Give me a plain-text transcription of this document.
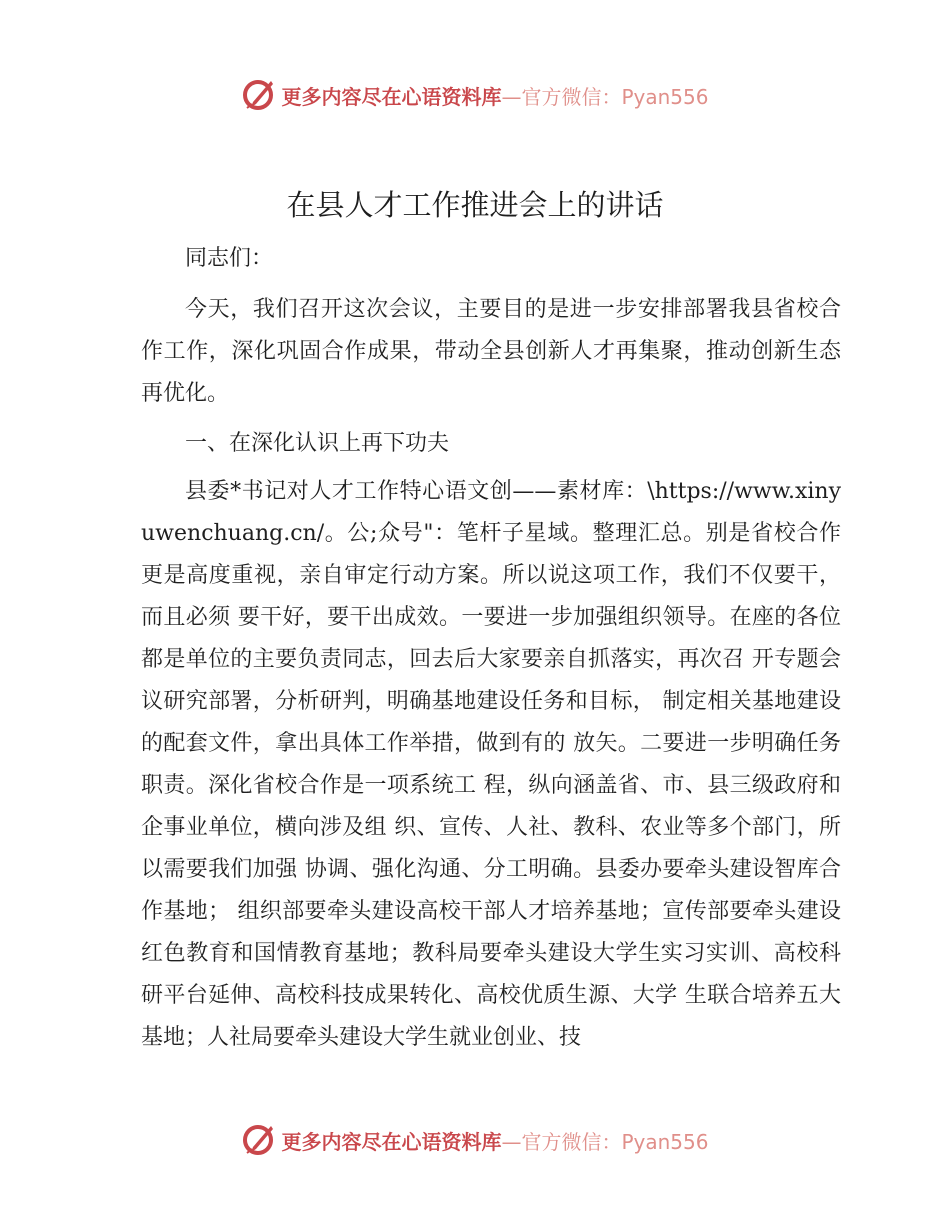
更多内容尽在心语资料库—官方微信：Pyan556
在县人才工作推进会上的讲话

同志们：

今天，我们召开这次会议，主要目的是进一步安排部署我县省校合作工作，深化巩固合作成果，带动全县创新人才再集聚，推动创新生态再优化。

一、在深化认识上再下功夫

县委*书记对人才工作特心语文创——素材库：\https://www.xinyuwenchuang.cn/。公;众号"：笔杆子星域。整理汇总。别是省校合作更是高度重视，亲自审定行动方案。所以说这项工作，我们不仅要干，而且必须 要干好，要干出成效。一要进一步加强组织领导。在座的各位 都是单位的主要负责同志，回去后大家要亲自抓落实，再次召 开专题会议研究部署，分析研判，明确基地建设任务和目标， 制定相关基地建设的配套文件，拿出具体工作举措，做到有的 放矢。二要进一步明确任务职责。深化省校合作是一项系统工 程，纵向涵盖省、市、县三级政府和企事业单位，横向涉及组 织、宣传、人社、教科、农业等多个部门，所以需要我们加强 协调、强化沟通、分工明确。县委办要牵头建设智库合作基地； 组织部要牵头建设高校干部人才培养基地；宣传部要牵头建设 红色教育和国情教育基地；教科局要牵头建设大学生实习实训、高校科研平台延伸、高校科技成果转化、高校优质生源、大学 生联合培养五大基地；人社局要牵头建设大学生就业创业、技

更多内容尽在心语资料库—官方微信：Pyan556
